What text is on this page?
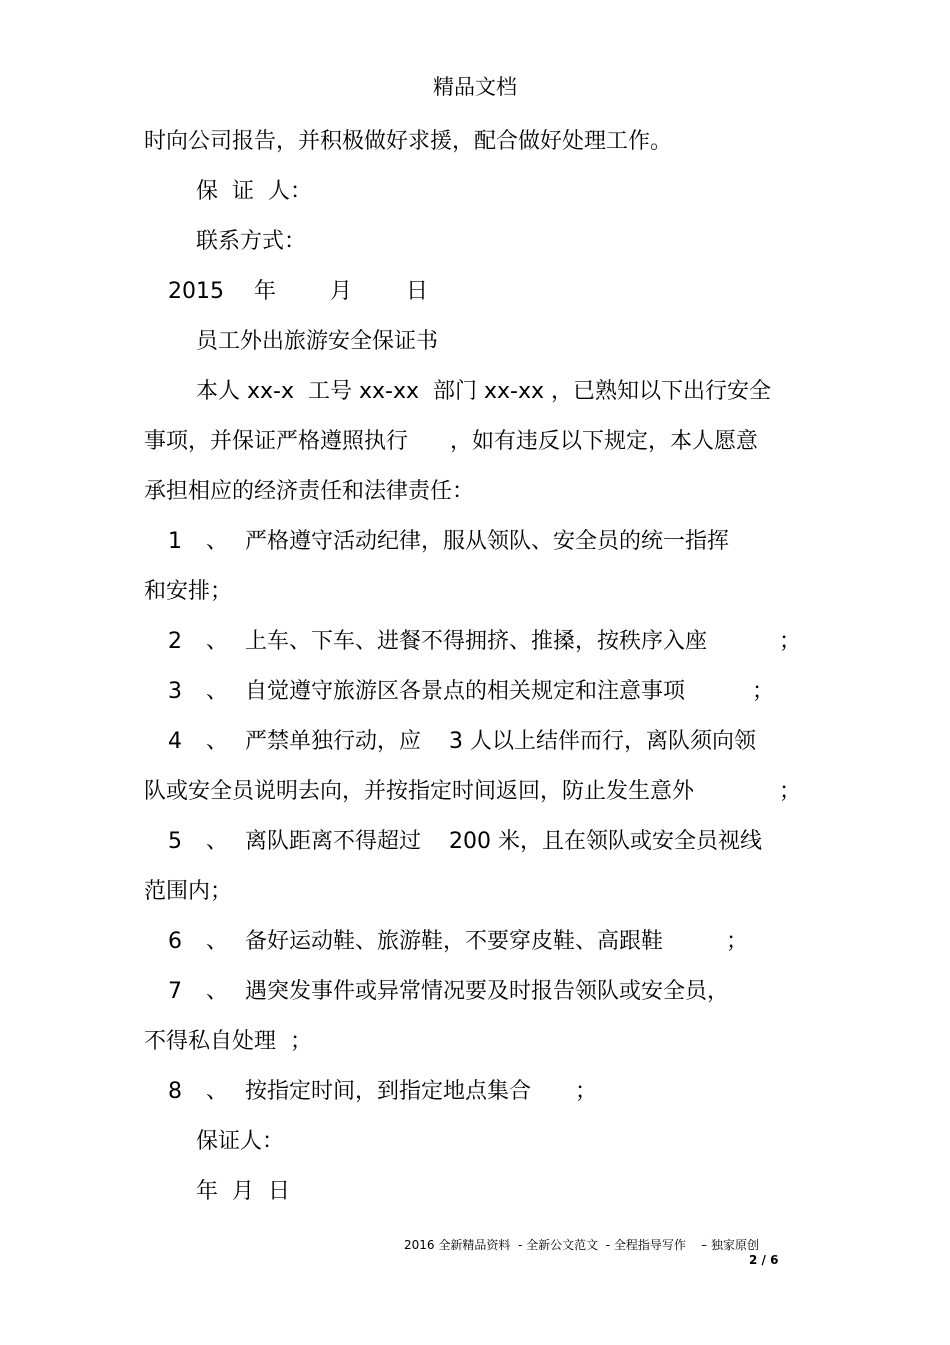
精品文档
时向公司报告，并积极做好求援，配合做好处理工作。
保  证  人：
联系方式：
2015 年 月 日
员工外出旅游安全保证书
本人 xx-x  工号 xx-xx  部门 xx-xx ，已熟知以下出行安全
事项，并保证严格遵照执行      ，如有违反以下规定，本人愿意
承担相应的经济责任和法律责任：
1 、 严格遵守活动纪律，服从领队、安全员的统一指挥
和安排；
2 、 上车、下车、进餐不得拥挤、推搡，按秩序入座	；
3 、 自觉遵守旅游区各景点的相关规定和注意事项	；
4 、 严禁单独行动，应    3 人以上结伴而行，离队须向领
队或安全员说明去向，并按指定时间返回，防止发生意外	；
5 、 离队距离不得超过    200 米，且在领队或安全员视线
范围内；
6 、 备好运动鞋、旅游鞋，不要穿皮鞋、高跟鞋	；
7 、 遇突发事件或异常情况要及时报告领队或安全员，
不得私自处理  ；
8 、 按指定时间，到指定地点集合 ；
保证人：
年  月  日
2016 全新精品资料  - 全新公文范文  - 全程指导写作    – 独家原创
2 / 6
